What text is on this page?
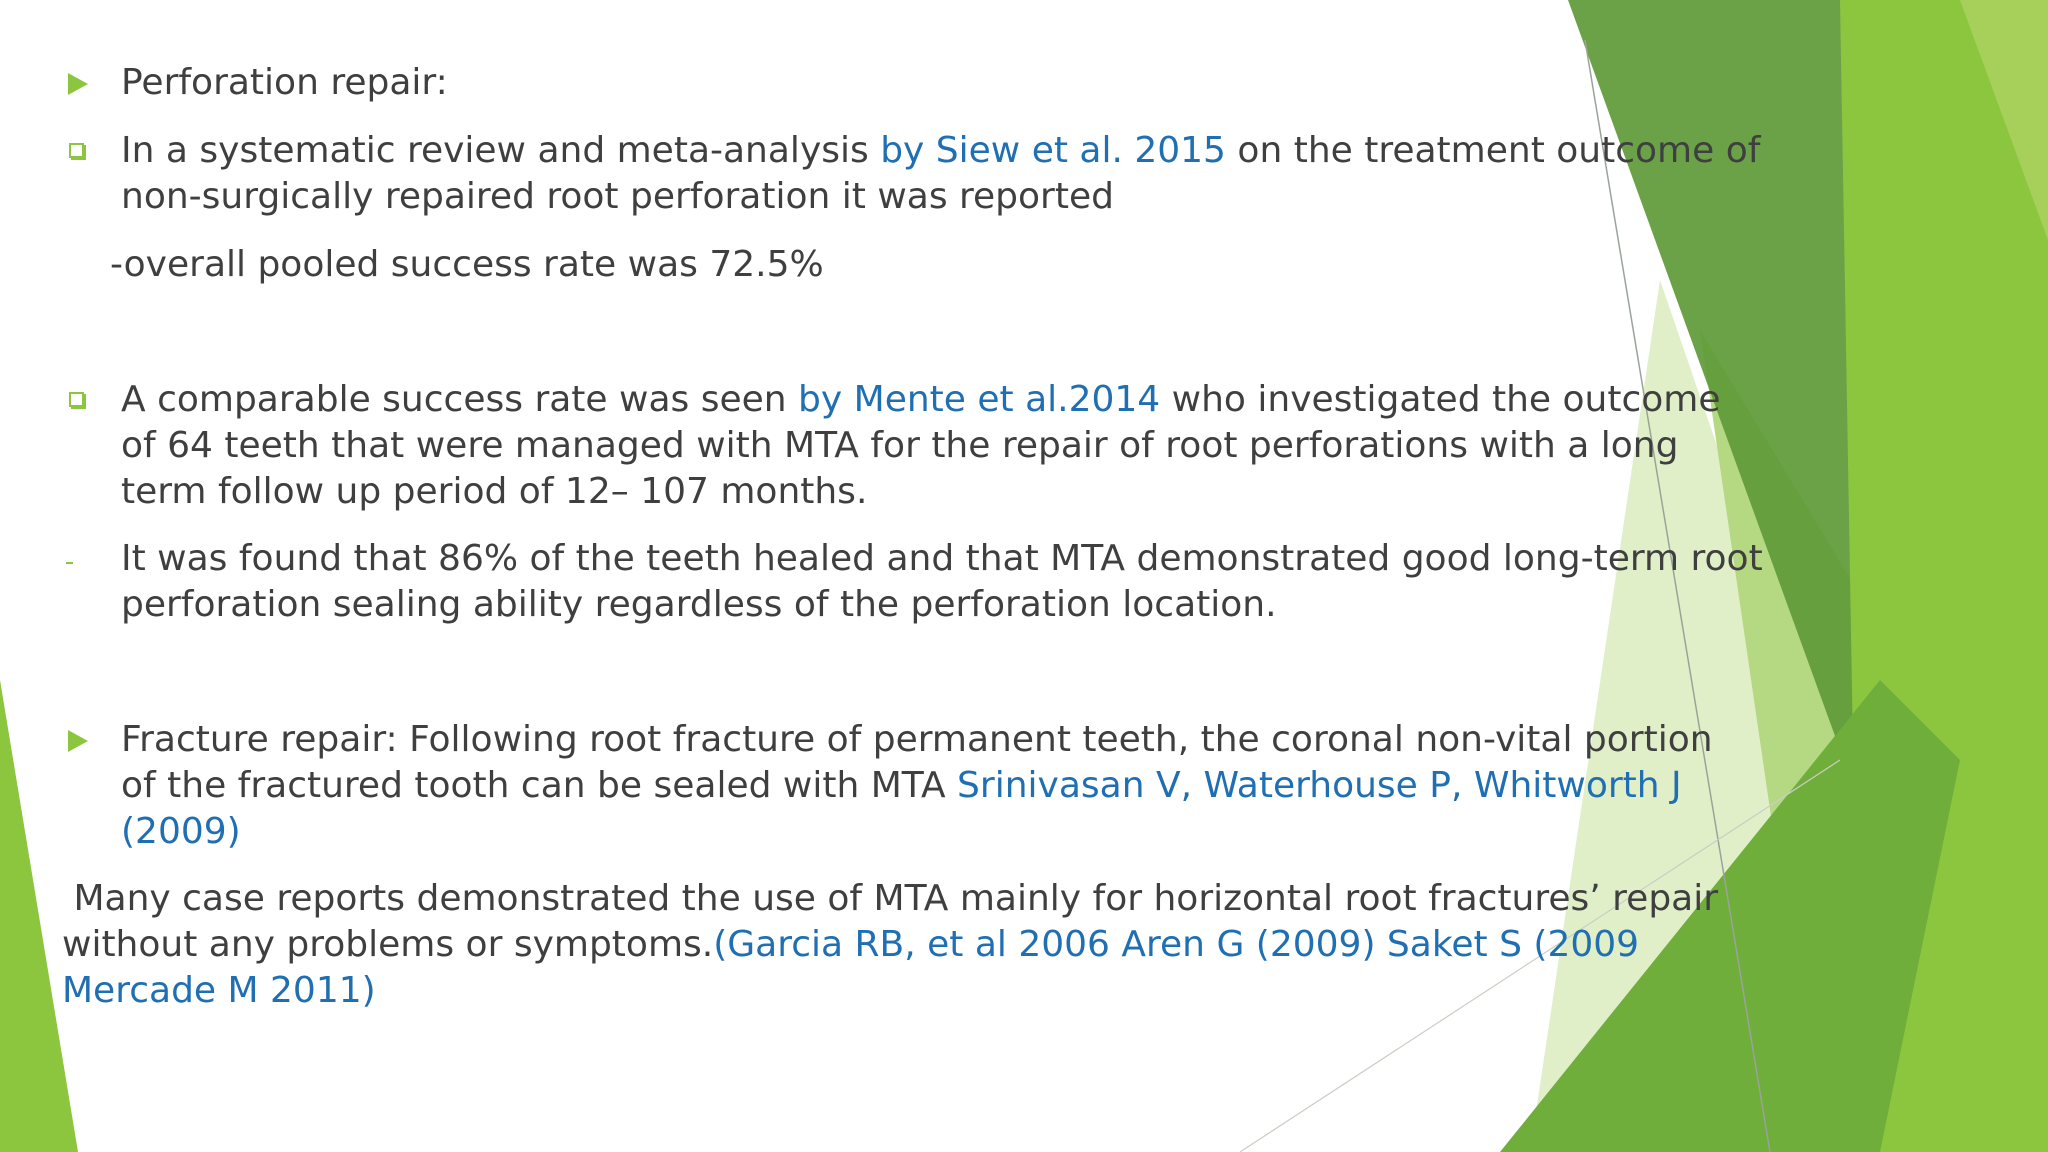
Perforation repair:

In a systematic review and meta-analysis by Siew et al. 2015 on the treatment outcome of
non-surgically repaired root perforation it was reported

-overall pooled success rate was 72.5%

A comparable success rate was seen by Mente et al.2014 who investigated the outcome
of 64 teeth that were managed with MTA for the repair of root perforations with a long
term follow up period of 12– 107 months.

It was found that 86% of the teeth healed and that MTA demonstrated good long-term root
perforation sealing ability regardless of the perforation location.

Fracture repair: Following root fracture of permanent teeth, the coronal non-vital portion
of the fractured tooth can be sealed with MTA Srinivasan V, Waterhouse P, Whitworth J
(2009)

Many case reports demonstrated the use of MTA mainly for horizontal root fractures’ repair
without any problems or symptoms.(Garcia RB, et al 2006 Aren G (2009) Saket S (2009
Mercade M 2011)
